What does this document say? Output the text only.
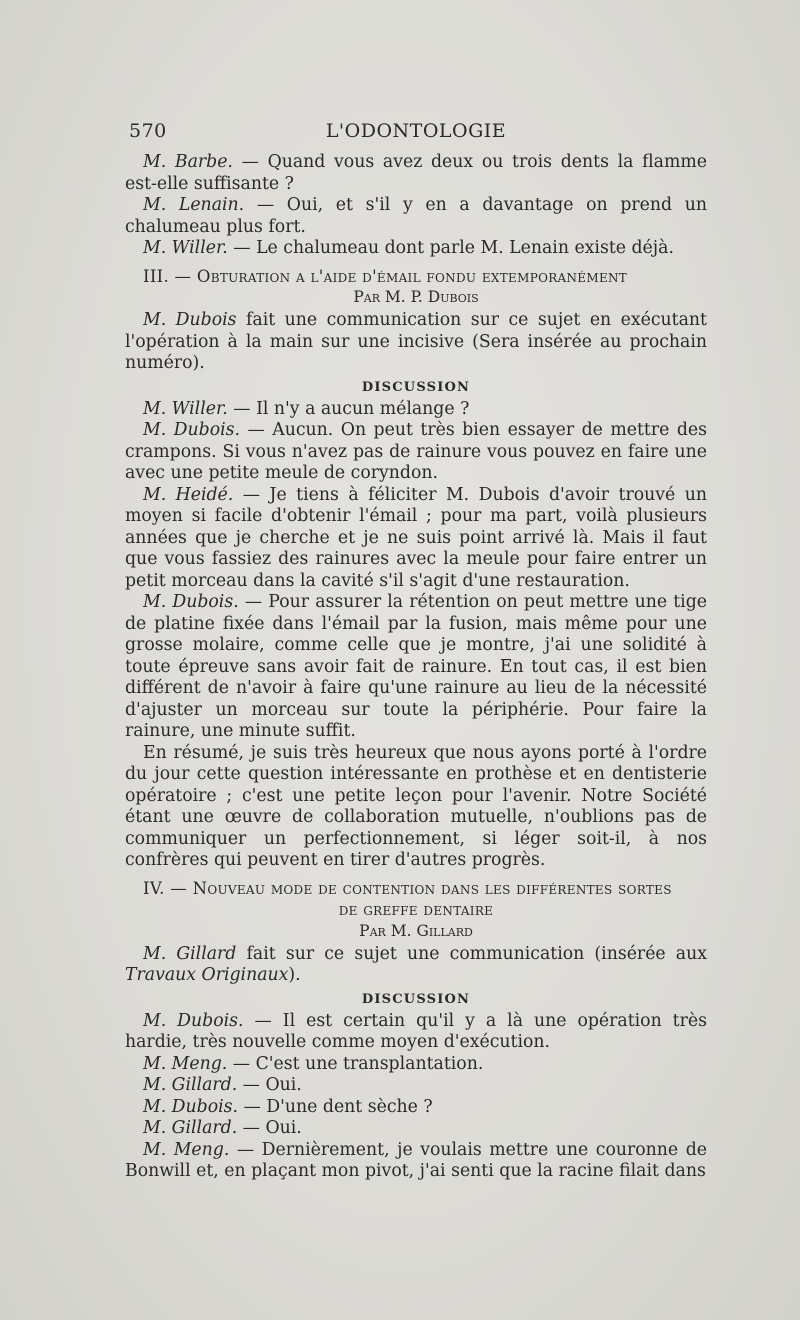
570	L'ODONTOLOGIE

M. Barbe. — Quand vous avez deux ou trois dents la flamme est-elle suffisante ?

M. Lenain. — Oui, et s'il y en a davantage on prend un chalumeau plus fort.

M. Willer. — Le chalumeau dont parle M. Lenain existe déjà.

III. — Obturation a l'aide d'émail fondu extemporanément

Par M. P. Dubois

M. Dubois fait une communication sur ce sujet en exécutant l'opération à la main sur une incisive (Sera insérée au prochain numéro).

DISCUSSION

M. Willer. — Il n'y a aucun mélange ?

M. Dubois. — Aucun. On peut très bien essayer de mettre des crampons. Si vous n'avez pas de rainure vous pouvez en faire une avec une petite meule de coryndon.

M. Heidé. — Je tiens à féliciter M. Dubois d'avoir trouvé un moyen si facile d'obtenir l'émail ; pour ma part, voilà plusieurs années que je cherche et je ne suis point arrivé là. Mais il faut que vous fassiez des rainures avec la meule pour faire entrer un petit morceau dans la cavité s'il s'agit d'une restauration.

M. Dubois. — Pour assurer la rétention on peut mettre une tige de platine fixée dans l'émail par la fusion, mais même pour une grosse molaire, comme celle que je montre, j'ai une solidité à toute épreuve sans avoir fait de rainure. En tout cas, il est bien différent de n'avoir à faire qu'une rainure au lieu de la nécessité d'ajuster un morceau sur toute la périphérie. Pour faire la rainure, une minute suffit.

En résumé, je suis très heureux que nous ayons porté à l'ordre du jour cette question intéressante en prothèse et en dentisterie opératoire ; c'est une petite leçon pour l'avenir. Notre Société étant une œuvre de collaboration mutuelle, n'oublions pas de communiquer un perfectionnement, si léger soit-il, à nos confrères qui peuvent en tirer d'autres progrès.

IV. — Nouveau mode de contention dans les différentes sortes

de greffe dentaire

Par M. Gillard

M. Gillard fait sur ce sujet une communication (insérée aux Travaux Originaux).

DISCUSSION

M. Dubois. — Il est certain qu'il y a là une opération très hardie, très nouvelle comme moyen d'exécution.

M. Meng. — C'est une transplantation.

M. Gillard. — Oui.

M. Dubois. — D'une dent sèche ?

M. Gillard. — Oui.

M. Meng. — Dernièrement, je voulais mettre une couronne de Bonwill et, en plaçant mon pivot, j'ai senti que la racine filait dans
